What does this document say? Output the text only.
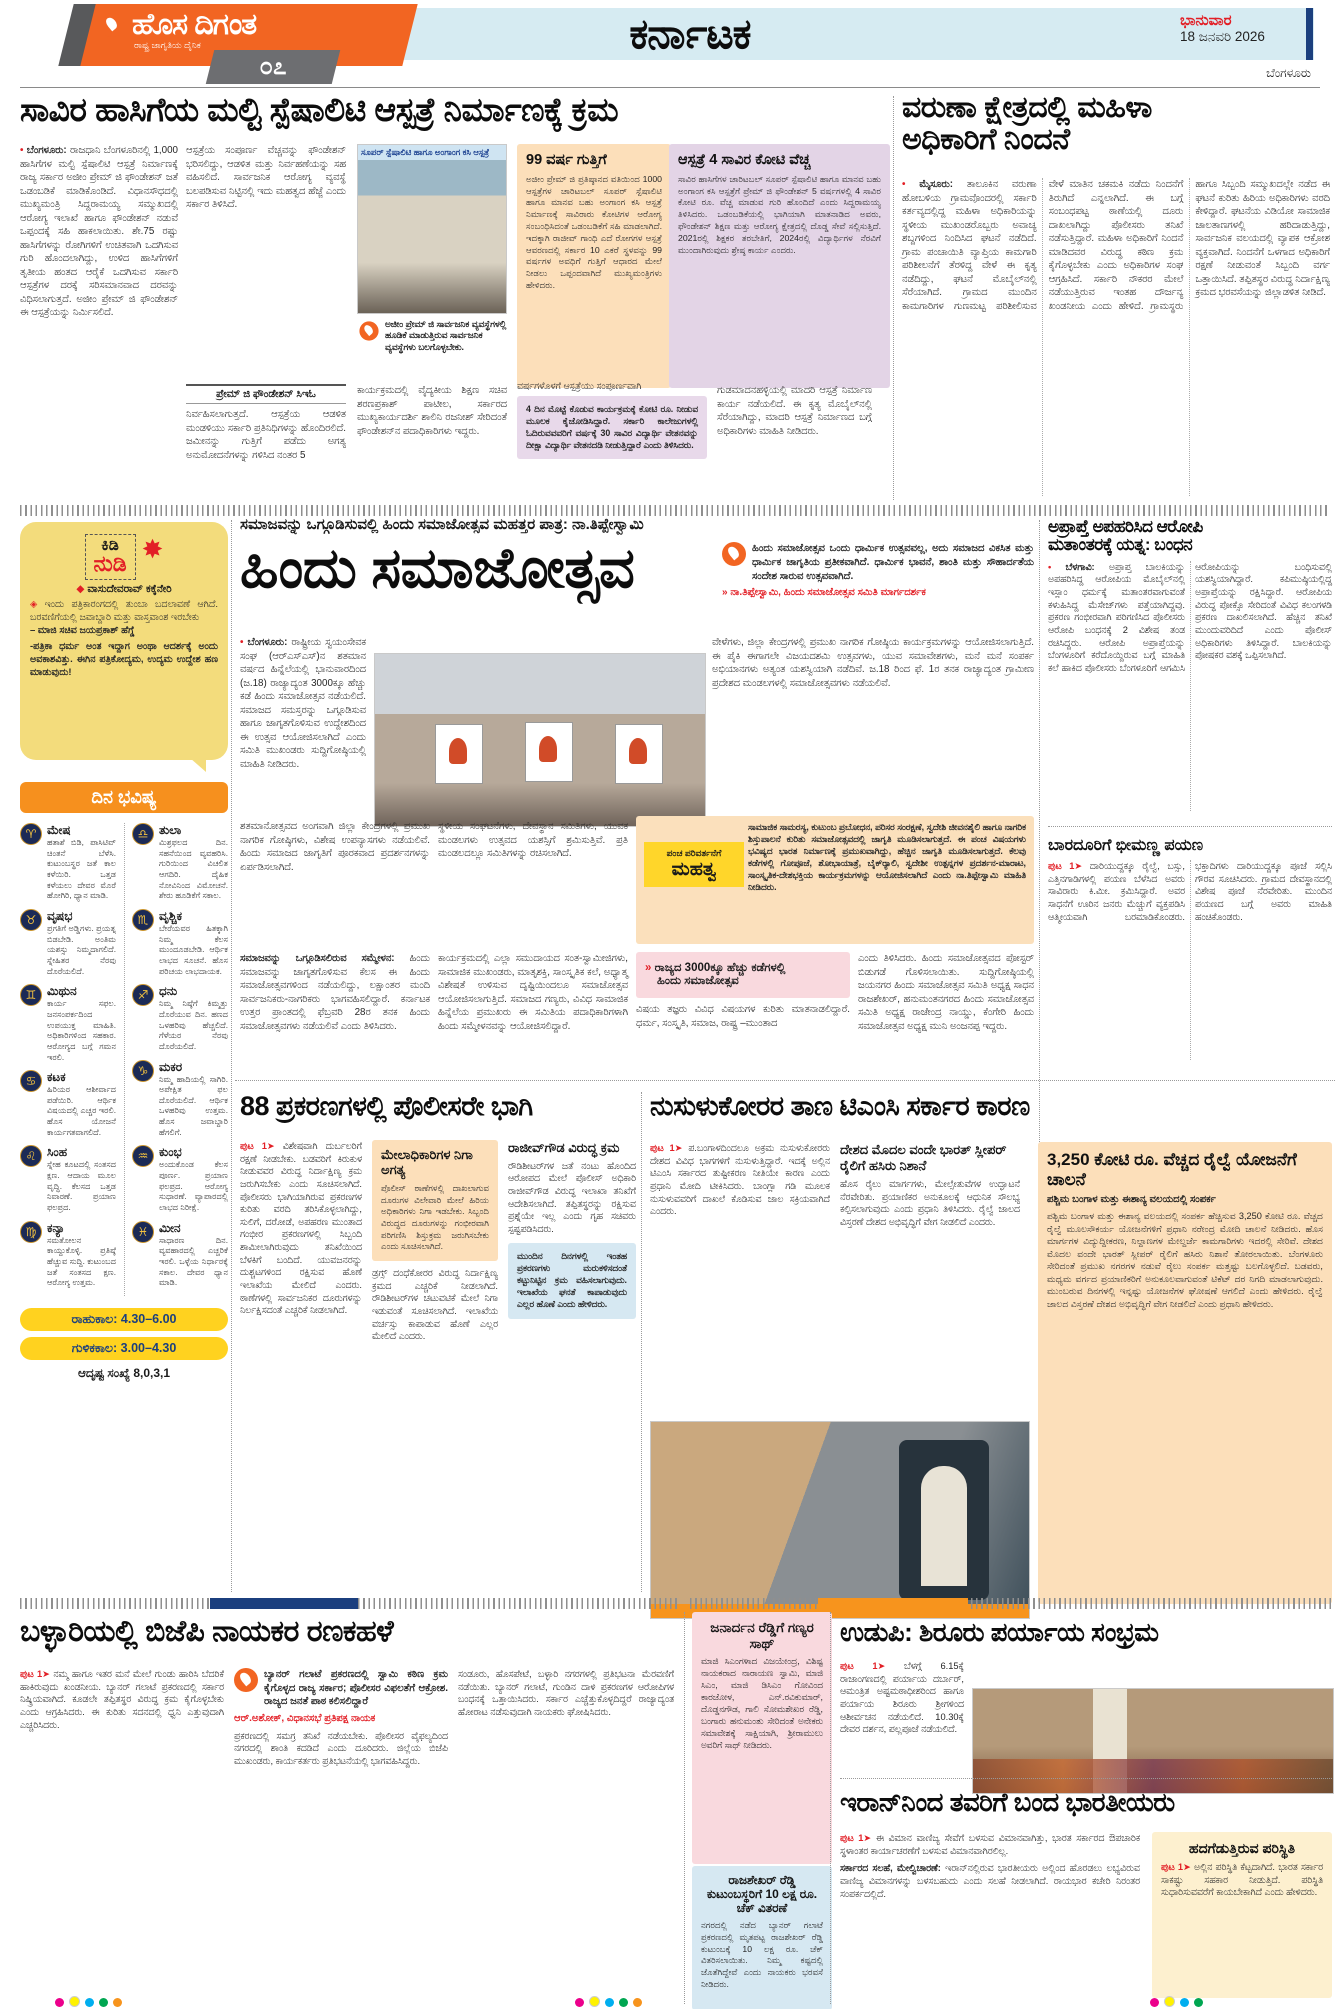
ಹೊಸ ದಿಗಂತ
ರಾಷ್ಟ್ರ ಜಾಗೃತಿಯ ದೈನಿಕ
೦೭
ಕರ್ನಾಟಕ	ಭಾನುವಾರ
18 ಜನವರಿ 2026
ಬೆಂಗಳೂರು
ಸಾವಿರ ಹಾಸಿಗೆಯ ಮಲ್ಟಿ ಸ್ಪೆಷಾಲಿಟಿ ಆಸ್ಪತ್ರೆ ನಿರ್ಮಾಣಕ್ಕೆ ಕ್ರಮ
• ಬೆಂಗಳೂರು: ರಾಜಧಾನಿ ಬೆಂಗಳೂರಿನಲ್ಲಿ 1,000 ಹಾಸಿಗೆಗಳ ಮಲ್ಟಿ ಸ್ಪೆಷಾಲಿಟಿ ಆಸ್ಪತ್ರೆ ನಿರ್ಮಾಣಕ್ಕೆ ರಾಜ್ಯ ಸರ್ಕಾರ ಅಜೀಂ ಪ್ರೇಮ್ ಜಿ ಫೌಂಡೇಶನ್ ಜತೆ ಒಡಂಬಡಿಕೆ ಮಾಡಿಕೊಂಡಿದೆ. ವಿಧಾನಸೌಧದಲ್ಲಿ ಮುಖ್ಯಮಂತ್ರಿ ಸಿದ್ದರಾಮಯ್ಯ ಸಮ್ಮುಖದಲ್ಲಿ ಆರೋಗ್ಯ ಇಲಾಖೆ ಹಾಗೂ ಫೌಂಡೇಶನ್ ನಡುವೆ ಒಪ್ಪಂದಕ್ಕೆ ಸಹಿ ಹಾಕಲಾಯಿತು. ಶೇ.75 ರಷ್ಟು ಹಾಸಿಗೆಗಳನ್ನು ರೋಗಿಗಳಿಗೆ ಉಚಿತವಾಗಿ ಒದಗಿಸುವ ಗುರಿ ಹೊಂದಲಾಗಿದ್ದು, ಉಳಿದ ಹಾಸಿಗೆಗಳಿಗೆ ತೃತೀಯ ಹಂತದ ಆರೈಕೆ ಒದಗಿಸುವ ಸರ್ಕಾರಿ ಆಸ್ಪತ್ರೆಗಳ ದರಕ್ಕೆ ಸರಿಸಮಾನವಾದ ದರವನ್ನು ವಿಧಿಸಲಾಗುತ್ತದೆ. ಅಜೀಂ ಪ್ರೇಮ್ ಜಿ ಫೌಂಡೇಶನ್ ಈ ಆಸ್ಪತ್ರೆಯನ್ನು ನಿರ್ಮಿಸಲಿದೆ.
ಆಸ್ಪತ್ರೆಯ ಸಂಪೂರ್ಣ ವೆಚ್ಚವನ್ನು ಫೌಂಡೇಶನ್ ಭರಿಸಲಿದ್ದು, ಆಡಳಿತ ಮತ್ತು ನಿರ್ವಹಣೆಯನ್ನು ಸಹ ವಹಿಸಲಿದೆ. ಸಾರ್ವಜನಿಕ ಆರೋಗ್ಯ ವ್ಯವಸ್ಥೆ ಬಲಪಡಿಸುವ ನಿಟ್ಟಿನಲ್ಲಿ ಇದು ಮಹತ್ವದ ಹೆಜ್ಜೆ ಎಂದು ಸರ್ಕಾರ ತಿಳಿಸಿದೆ.
ಸೂಪರ್ ಸ್ಪೆಷಾಲಿಟಿ ಹಾಗೂ ಅಂಗಾಂಗ ಕಸಿ ಆಸ್ಪತ್ರೆ
ಅಜೀಂ ಪ್ರೇಮ್ ಜಿ ಸಾರ್ವಜನಿಕ ವ್ಯವಸ್ಥೆಗಳಲ್ಲಿ ಹೂಡಿಕೆ ಮಾಡುತ್ತಿರುವ ಸಾರ್ವಜನಿಕ ವ್ಯವಸ್ಥೆಗಳು ಬಲಗೊಳ್ಳಬೇಕು.
99 ವರ್ಷ ಗುತ್ತಿಗೆ
ಅಜೀಂ ಪ್ರೇಮ್ ಜಿ ಪ್ರತಿಷ್ಠಾನದ ವತಿಯಿಂದ 1000 ಆಸ್ಪತ್ರೆಗಳ ಚಾರಿಟಬಲ್ ಸೂಪರ್ ಸ್ಪೆಷಾಲಿಟಿ ಹಾಗೂ ಮಾನವ ಬಹು ಅಂಗಾಂಗ ಕಸಿ ಆಸ್ಪತ್ರೆ ನಿರ್ಮಾಣಕ್ಕೆ ಸಾವಿರಾರು ಕೋಟಿಗಳ ಆರೋಗ್ಯ ಸಂಬಂಧಿಸಿದಂತೆ ಒಡಂಬಡಿಕೆಗೆ ಸಹಿ ಮಾಡಲಾಗಿದೆ. ಇದಕ್ಕಾಗಿ ರಾಜೀವ್ ಗಾಂಧಿ ಎದೆ ರೋಗಗಳ ಆಸ್ಪತ್ರೆ ಆವರಣದಲ್ಲಿ ಸರ್ಕಾರ 10 ಎಕರೆ ಸ್ಥಳವನ್ನು 99 ವರ್ಷಗಳ ಅವಧಿಗೆ ಗುತ್ತಿಗೆ ಆಧಾರದ ಮೇಲೆ ನೀಡಲು ಒಪ್ಪಂದವಾಗಿದೆ ಮುಖ್ಯಮಂತ್ರಿಗಳು ಹೇಳಿದರು.
ಆಸ್ಪತ್ರೆ 4 ಸಾವಿರ ಕೋಟಿ ವೆಚ್ಚ
ಸಾವಿರ ಹಾಸಿಗೆಗಳ ಚಾರಿಟಬಲ್ ಸೂಪರ್ ಸ್ಪೆಷಾಲಿಟಿ ಹಾಗೂ ಮಾನವ ಬಹು ಅಂಗಾಂಗ ಕಸಿ ಆಸ್ಪತ್ರೆಗೆ ಪ್ರೇಮ್ ಜಿ ಫೌಂಡೇಶನ್ 5 ವರ್ಷಗಳಲ್ಲಿ 4 ಸಾವಿರ ಕೋಟಿ ರೂ. ವೆಚ್ಚ ಮಾಡುವ ಗುರಿ ಹೊಂದಿದೆ ಎಂದು ಸಿದ್ದರಾಮಯ್ಯ ತಿಳಿಸಿದರು. ಒಡಂಬಡಿಕೆಯಲ್ಲಿ ಭಾಗಿಯಾಗಿ ಮಾತನಾಡಿದ ಅವರು, ಫೌಂಡೇಶನ್ ಶಿಕ್ಷಣ ಮತ್ತು ಆರೋಗ್ಯ ಕ್ಷೇತ್ರದಲ್ಲಿ ದೊಡ್ಡ ಸೇವೆ ಸಲ್ಲಿಸುತ್ತಿದೆ. 2021ರಲ್ಲಿ ಶಿಕ್ಷಕರ ತರಬೇತಿಗೆ, 2024ರಲ್ಲಿ ವಿದ್ಯಾರ್ಥಿಗಳ ನೆರವಿಗೆ ಮುಂದಾಗಿರುವುದು ಶ್ರೇಷ್ಠ ಕಾರ್ಯ ಎಂದರು.
ಪ್ರೇಮ್ ಜಿ ಫೌಂಡೇಶನ್ ಸಿಇಓ
ನಿರ್ವಹಿಸಲಾಗುತ್ತದೆ. ಆಸ್ಪತ್ರೆಯ ಆಡಳಿತ ಮಂಡಳಿಯು ಸರ್ಕಾರಿ ಪ್ರತಿನಿಧಿಗಳನ್ನು ಹೊಂದಿರಲಿದೆ. ಜಮೀನನ್ನು ಗುತ್ತಿಗೆ ಪಡೆದು ಅಗತ್ಯ ಅನುಮೋದನೆಗಳನ್ನು ಗಳಿಸಿದ ನಂತರ 5
ಕಾರ್ಯಕ್ರಮದಲ್ಲಿ ವೈದ್ಯಕೀಯ ಶಿಕ್ಷಣ ಸಚಿವ ಶರಣಪ್ರಕಾಶ್ ಪಾಟೀಲ, ಸರ್ಕಾರದ ಮುಖ್ಯಕಾರ್ಯದರ್ಶಿ ಶಾಲಿನಿ ರಜನೀಶ್ ಸೇರಿದಂತೆ ಫೌಂಡೇಶನ್‌ನ ಪದಾಧಿಕಾರಿಗಳು ಇದ್ದರು.
ವರ್ಷಗಳೊಳಗೆ ಆಸ್ಪತ್ರೆಯು ಸಂಪೂರ್ಣವಾಗಿ
4 ದಿನ ಮೊಟ್ಟೆ ಕೊಡುವ ಕಾರ್ಯಕ್ರಮಕ್ಕೆ ಕೋಟಿ ರೂ. ನೀಡುವ ಮೂಲಕ ಕೈಜೋಡಿಸಿದ್ದಾರೆ. ಸರ್ಕಾರಿ ಕಾಲೇಜುಗಳಲ್ಲಿ ಓದಿರುವವವರಿಗೆ ವರ್ಷಕ್ಕೆ 30 ಸಾವಿರ ವಿದ್ಯಾರ್ಥಿ ವೇತನವನ್ನು ದೀಕ್ಷಾ ವಿದ್ಯಾರ್ಥಿ ವೇತನದಡಿ ನೀಡುತ್ತಿದ್ದಾರೆ ಎಂದು ತಿಳಿಸಿದರು.
ಗುಡಮಾದನಹಳ್ಳಿಯಲ್ಲಿ ಮಾದರಿ ಆಸ್ಪತ್ರೆ ನಿರ್ಮಾಣ ಕಾರ್ಯ ನಡೆಯಲಿದೆ. ಈ ಕೃತ್ಯ ಮೊಬೈಲ್‌ನಲ್ಲಿ ಸೆರೆಯಾಗಿದ್ದು, ಮಾದರಿ ಆಸ್ಪತ್ರೆ ನಿರ್ಮಾಣದ ಬಗ್ಗೆ ಅಧಿಕಾರಿಗಳು ಮಾಹಿತಿ ನೀಡಿದರು.
ವರುಣಾ ಕ್ಷೇತ್ರದಲ್ಲಿ ಮಹಿಳಾ
ಅಧಿಕಾರಿಗೆ ನಿಂದನೆ
• ಮೈಸೂರು: ತಾಲೂಕಿನ ವರುಣಾ ಹೋಬಳಿಯ ಗ್ರಾಮವೊಂದರಲ್ಲಿ ಸರ್ಕಾರಿ ಕರ್ತವ್ಯದಲ್ಲಿದ್ದ ಮಹಿಳಾ ಅಧಿಕಾರಿಯನ್ನು ಸ್ಥಳೀಯ ಮುಖಂಡರೊಬ್ಬರು ಅವಾಚ್ಯ ಶಬ್ದಗಳಿಂದ ನಿಂದಿಸಿದ ಘಟನೆ ನಡೆದಿದೆ. ಗ್ರಾಮ ಪಂಚಾಯಿತಿ ವ್ಯಾಪ್ತಿಯ ಕಾಮಗಾರಿ ಪರಿಶೀಲನೆಗೆ ತೆರಳಿದ್ದ ವೇಳೆ ಈ ಕೃತ್ಯ ನಡೆದಿದ್ದು, ಘಟನೆ ಮೊಬೈಲ್‌ನಲ್ಲಿ ಸೆರೆಯಾಗಿದೆ. ಗ್ರಾಮದ ಮುಂದಿನ ಕಾಮಗಾರಿಗಳ ಗುಣಮಟ್ಟ ಪರಿಶೀಲಿಸುವ ವೇಳೆ ಮಾತಿನ ಚಕಮಕಿ ನಡೆದು ನಿಂದನೆಗೆ ತಿರುಗಿದೆ ಎನ್ನಲಾಗಿದೆ. ಈ ಬಗ್ಗೆ ಸಂಬಂಧಪಟ್ಟ ಠಾಣೆಯಲ್ಲಿ ದೂರು ದಾಖಲಾಗಿದ್ದು ಪೊಲೀಸರು ತನಿಖೆ ನಡೆಸುತ್ತಿದ್ದಾರೆ. ಮಹಿಳಾ ಅಧಿಕಾರಿಗೆ ನಿಂದನೆ ಮಾಡಿದವರ ವಿರುದ್ಧ ಕಠಿಣ ಕ್ರಮ ಕೈಗೊಳ್ಳಬೇಕು ಎಂದು ಅಧಿಕಾರಿಗಳ ಸಂಘ ಆಗ್ರಹಿಸಿದೆ. ಸರ್ಕಾರಿ ನೌಕರರ ಮೇಲೆ ನಡೆಯುತ್ತಿರುವ ಇಂತಹ ದೌರ್ಜನ್ಯ ಖಂಡನೀಯ ಎಂದು ಹೇಳಿದೆ. ಗ್ರಾಮಸ್ಥರು ಹಾಗೂ ಸಿಬ್ಬಂದಿ ಸಮ್ಮುಖದಲ್ಲೇ ನಡೆದ ಈ ಘಟನೆ ಕುರಿತು ಹಿರಿಯ ಅಧಿಕಾರಿಗಳು ವರದಿ ಕೇಳಿದ್ದಾರೆ. ಘಟನೆಯ ವಿಡಿಯೋ ಸಾಮಾಜಿಕ ಜಾಲತಾಣಗಳಲ್ಲಿ ಹರಿದಾಡುತ್ತಿದ್ದು, ಸಾರ್ವಜನಿಕ ವಲಯದಲ್ಲಿ ವ್ಯಾಪಕ ಆಕ್ರೋಶ ವ್ಯಕ್ತವಾಗಿದೆ. ನಿಂದನೆಗೆ ಒಳಗಾದ ಅಧಿಕಾರಿಗೆ ರಕ್ಷಣೆ ನೀಡುವಂತೆ ಸಿಬ್ಬಂದಿ ವರ್ಗ ಒತ್ತಾಯಿಸಿದೆ. ತಪ್ಪಿತಸ್ಥರ ವಿರುದ್ಧ ನಿರ್ದಾಕ್ಷಿಣ್ಯ ಕ್ರಮದ ಭರವಸೆಯನ್ನು ಜಿಲ್ಲಾಡಳಿತ ನೀಡಿದೆ.
ಕಿಡಿ
ನುಡಿ ✸
◆ ವಾಸುದೇವರಾವ್ ಕಕ್ಕೆನೇರಿ
◈ ಇಂದು ಪತ್ರಿಕಾರಂಗದಲ್ಲಿ ತುಂಬಾ ಬದಲಾವಣೆ ಆಗಿದೆ. ಬರವಣಿಗೆಯಲ್ಲಿ ಜವಾಬ್ದಾರಿ ಮತ್ತು ವಾಸ್ತವಾಂಶ ಇರಬೇಕು
– ಮಾಜಿ ಸಚಿವ ಜಯಪ್ರಕಾಶ್ ಹೆಗ್ಡೆ
-ಪತ್ರಿಕಾ ಧರ್ಮ ಅಂತ ಇದ್ದಾಗ ಅಂಥಾ ಆದರ್ಶಕ್ಕೆ ಅಂದು ಅವಕಾಶವಿತ್ತು. ಈಗಿನ ಪತ್ರಿಕೋದ್ಯಮ, ಉದ್ಯಮ ಉದ್ದೇಶ ಹಣ ಮಾಡುವುದು!
ದಿನ ಭವಿಷ್ಯ
♈ ಮೇಷ
ಹತಾಶೆ ಬಿಡಿ, ಪಾಸಿಟಿವ್ ಚಿಂತನೆ ಬೆಳೆಸಿ. ಕುಟುಂಬಸ್ಥರ ಜತೆ ಕಾಲ ಕಳೆಯಿರಿ. ಒತ್ತಡ ಕಳೆಯಲು ದೇವರ ಮೊರೆ ಹೋಗಿರಿ, ಧ್ಯಾನ ಮಾಡಿ.
♉ ವೃಷಭ
ಪ್ರಗತಿಗೆ ಅಡ್ಡಿಗಳು. ಪ್ರಯತ್ನ ಬಿಡಬೇಡಿ. ಅಂತಿಮ ಯಶಸ್ಸು ನಿಮ್ಮದಾಗಲಿದೆ. ಸ್ನೇಹಿತರ ನೆರವು ದೊರೆಯಲಿದೆ.
♊ ಮಿಥುನ
ಕಾರ್ಯ ಸಫಲ. ಜನಸಂಪರ್ಕದಿಂದ ಉಪಯುಕ್ತ ಮಾಹಿತಿ. ಅಧಿಕಾರಿಗಳಿಂದ ಸಹಕಾರ. ಆರೋಗ್ಯದ ಬಗ್ಗೆ ಗಮನ ಇರಲಿ.
♋ ಕಟಕ
ಹಿರಿಯರ ಆಶೀರ್ವಾದ ಪಡೆಯಿರಿ. ಆರ್ಥಿಕ ವಿಷಯದಲ್ಲಿ ಎಚ್ಚರ ಇರಲಿ. ಹೊಸ ಯೋಜನೆ ಕಾರ್ಯಗತವಾಗಲಿದೆ.
♌ ಸಿಂಹ
ಸ್ನೇಹ ಕೂಟದಲ್ಲಿ ಸಂತಸದ ಕ್ಷಣ. ಆದಾಯ ಮೂಲ ವೃದ್ಧಿ. ಕೆಲಸದ ಒತ್ತಡ ನಿವಾರಣೆ. ಪ್ರಯಾಣ ಫಲಪ್ರದ.
♍ ಕನ್ಯಾ
ಸಮತೋಲನ ಕಾಯ್ದುಕೊಳ್ಳಿ. ಪ್ರತಿಷ್ಠೆ ಹೆಚ್ಚುವ ಸುದ್ದಿ. ಕುಟುಂಬದ ಜತೆ ಸಂತಸದ ಕ್ಷಣ. ಆರೋಗ್ಯ ಉತ್ತಮ.
♎ ತುಲಾ
ಮಿಶ್ರಫಲದ ದಿನ. ಸಹನೆಯಿಂದ ವ್ಯವಹರಿಸಿ. ಗುರಿಯಿಂದ ವಿಚಲಿತ ಆಗದಿರಿ. ದೈಹಿಕ ನೋವಿನಿಂದ ವಿಮೋಚನೆ. ಶೇರು ಹೂಡಿಕೆಗೆ ಸಕಾಲ.
♏ ವೃಶ್ಚಿಕ
ಬೇರೆಯವರ ಹಿತಕ್ಕಾಗಿ ನಿಮ್ಮ ಕೆಲಸ ಮುಂದೂಡಬೇಡಿ. ಆರ್ಥಿಕ ಲಾಭದ ಸೂಚನೆ. ಹೊಸ ಪರಿಚಯ ಲಾಭದಾಯಕ.
♐ ಧನು
ನಿಮ್ಮ ನಿಷ್ಠೆಗೆ ಕಿಮ್ಮತ್ತು ದೊರೆಯುವ ದಿನ. ಹಣದ ಒಳಹರಿವು ಹೆಚ್ಚಲಿದೆ. ಗೆಳೆಯರ ನೆರವು ದೊರೆಯಲಿದೆ.
♑ ಮಕರ
ನಿಮ್ಮ ಹಾದಿಯಲ್ಲಿ ಸಾಗಿರಿ. ಅಪೇಕ್ಷಿತ ಫಲ ದೊರೆಯಲಿದೆ. ಆರ್ಥಿಕ ಒಳಹರಿವು ಉತ್ತಮ. ಹೊಸ ಜವಾಬ್ದಾರಿ ಹೆಗಲಿಗೆ.
♒ ಕುಂಭ
ಅಂದುಕೊಂಡ ಕೆಲಸ ಪೂರ್ಣ. ಪ್ರಯಾಣ ಫಲಪ್ರದ. ಆರೋಗ್ಯ ಸುಧಾರಣೆ. ವ್ಯಾಪಾರದಲ್ಲಿ ಲಾಭದ ನಿರೀಕ್ಷೆ.
♓ ಮೀನ
ಸಾಧಾರಣ ದಿನ. ವ್ಯವಹಾರದಲ್ಲಿ ಎಚ್ಚರಿಕೆ ಇರಲಿ. ಒಳ್ಳೆಯ ನಿರ್ಧಾರಕ್ಕೆ ಸಕಾಲ. ದೇವರ ಧ್ಯಾನ ಮಾಡಿ.
ರಾಹುಕಾಲ: 4.30–6.00
ಗುಳಿಕಕಾಲ: 3.00–4.30
ಆದೃಷ್ಟ ಸಂಖ್ಯೆ 8,0,3,1
ಸಮಾಜವನ್ನು ಒಗ್ಗೂಡಿಸುವಲ್ಲಿ ಹಿಂದು ಸಮಾಜೋತ್ಸವ ಮಹತ್ತರ ಪಾತ್ರ: ನಾ.ತಿಪ್ಪೇಸ್ವಾಮಿ
ಹಿಂದು ಸಮಾಜೋತ್ಸವ	ಹಿಂದು ಸಮಾಜೋತ್ಸವ ಒಂದು ಧಾರ್ಮಿಕ ಉತ್ಸವವಲ್ಲ, ಅದು ಸಮಾಜದ ವಿಕಸಿತ ಮತ್ತು ಧಾರ್ಮಿಕ ಜಾಗೃತಿಯ ಪ್ರತೀಕವಾಗಿದೆ. ಧಾರ್ಮಿಕ ಭಾವನೆ, ಶಾಂತಿ ಮತ್ತು ಸೌಹಾರ್ದತೆಯ ಸಂದೇಶ ಸಾರುವ ಉತ್ಸವವಾಗಿದೆ.
» ನಾ.ತಿಪ್ಪೇಸ್ವಾಮಿ, ಹಿಂದು ಸಮಾಜೋತ್ಸವ ಸಮಿತಿ ಮಾರ್ಗದರ್ಶಕ
• ಬೆಂಗಳೂರು: ರಾಷ್ಟ್ರೀಯ ಸ್ವಯಂಸೇವಕ ಸಂಘ (ಆರ್‌ಎಸ್‌ಎಸ್)ನ ಶತಮಾನ ವರ್ಷದ ಹಿನ್ನೆಲೆಯಲ್ಲಿ ಭಾನುವಾರದಿಂದ (ಜ.18) ರಾಜ್ಯಾದ್ಯಂತ 3000ಕ್ಕೂ ಹೆಚ್ಚು ಕಡೆ ಹಿಂದು ಸಮಾಜೋತ್ಸವ ನಡೆಯಲಿದೆ. ಸಮಾಜದ ಸಮಸ್ತರನ್ನು ಒಗ್ಗೂಡಿಸುವ ಹಾಗೂ ಜಾಗೃತಗೊಳಿಸುವ ಉದ್ದೇಶದಿಂದ ಈ ಉತ್ಸವ ಆಯೋಜಿಸಲಾಗಿದೆ ಎಂದು ಸಮಿತಿ ಮುಖಂಡರು ಸುದ್ದಿಗೋಷ್ಠಿಯಲ್ಲಿ ಮಾಹಿತಿ ನೀಡಿದರು.
ವೇಳೆಗಳು, ಜಿಲ್ಲಾ ಕೇಂದ್ರಗಳಲ್ಲಿ ಪ್ರಮುಖ ನಾಗರಿಕ ಗೋಷ್ಠಿಯ ಕಾರ್ಯಕ್ರಮಗಳನ್ನು ಆಯೋಜಿಸಲಾಗುತ್ತಿದೆ. ಈ ಪೈಕಿ ಈಗಾಗಲೇ ವಿಜಯದಶಮಿ ಉತ್ಸವಗಳು, ಯುವ ಸಮಾವೇಶಗಳು, ಮನೆ ಮನೆ ಸಂಪರ್ಕ ಅಭಿಯಾನಗಳು ಅತ್ಯಂತ ಯಶಸ್ವಿಯಾಗಿ ನಡೆದಿವೆ. ಜ.18 ರಿಂದ ಫೆ. 1ರ ತನಕ ರಾಜ್ಯಾದ್ಯಂತ ಗ್ರಾಮೀಣ ಪ್ರದೇಶದ ಮಂಡಲಗಳಲ್ಲಿ ಸಮಾಜೋತ್ಸವಗಳು ನಡೆಯಲಿವೆ.
ಶತಮಾನೋತ್ಸವದ ಅಂಗವಾಗಿ ಜಿಲ್ಲಾ ಕೇಂದ್ರಗಳಲ್ಲಿ ಪ್ರಮುಖ ನಾಗರಿಕ ಗೋಷ್ಠಿಗಳು, ವಿಶೇಷ ಉಪನ್ಯಾಸಗಳು ನಡೆಯಲಿವೆ. ಹಿಂದು ಸಮಾಜದ ಜಾಗೃತಿಗೆ ಪೂರಕವಾದ ಪ್ರದರ್ಶನಗಳನ್ನು ಏರ್ಪಡಿಸಲಾಗಿದೆ.
ಸ್ಥಳೀಯ ಸಂಘಟನೆಗಳು, ದೇವಸ್ಥಾನ ಸಮಿತಿಗಳು, ಯುವಕ ಮಂಡಲಗಳು ಉತ್ಸವದ ಯಶಸ್ಸಿಗೆ ಶ್ರಮಿಸುತ್ತಿವೆ. ಪ್ರತಿ ಮಂಡಲದಲ್ಲೂ ಸಮಿತಿಗಳನ್ನು ರಚಿಸಲಾಗಿದೆ.	ಪಂಚ ಪರಿವರ್ತನೆಗೆ
ಮಹತ್ವ
ಸಾಮಾಜಿಕ ಸಾಮರಸ್ಯ, ಕುಟುಂಬ ಪ್ರಬೋಧನ, ಪರಿಸರ ಸಂರಕ್ಷಣೆ, ಸ್ವದೇಶಿ ಜೀವನಶೈಲಿ ಹಾಗೂ ನಾಗರಿಕ ಶಿಸ್ತುಪಾಲನೆ ಕುರಿತು ಸಮಾಜೋತ್ಸವದಲ್ಲಿ ಜಾಗೃತಿ ಮೂಡಿಸಲಾಗುತ್ತದೆ. ಈ ಪಂಚ ವಿಷಯಗಳು ಭವಿಷ್ಯದ ಭಾರತ ನಿರ್ಮಾಣಕ್ಕೆ ಪ್ರಮುಖವಾಗಿದ್ದು, ಹೆಚ್ಚಿನ ಜಾಗೃತಿ ಮೂಡಿಸಲಾಗುತ್ತದೆ. ಕೆಲವು ಕಡೆಗಳಲ್ಲಿ ಗೋಪೂಜೆ, ಶೋಭಾಯಾತ್ರೆ, ಬೈಕ್‌ರ‍್ಯಾಲಿ, ಸ್ವದೇಶೀ ಉತ್ಪನ್ನಗಳ ಪ್ರದರ್ಶನ-ಮಾರಾಟ, ಸಾಂಸ್ಕೃತಿಕ-ದೇಶಭಕ್ತಿಯ ಕಾರ್ಯಕ್ರಮಗಳನ್ನು ಆಯೋಜಿಸಲಾಗಿದೆ ಎಂದು ನಾ.ತಿಪ್ಪೇಸ್ವಾಮಿ ಮಾಹಿತಿ ನೀಡಿದರು.
ಸಮಾಜವನ್ನು ಒಗ್ಗೂಡಿಸಲಿರುವ ಸಮ್ಮೇಳನ: ಹಿಂದು ಸಮಾಜವನ್ನು ಜಾಗೃತಗೊಳಿಸುವ ಕೆಲಸ ಈ ಹಿಂದು ಸಮಾಜೋತ್ಸವಗಳಿಂದ ನಡೆಯಲಿದ್ದು, ಲಕ್ಷಾಂತರ ಮಂದಿ ಸಾರ್ವಜನಿಕರು-ನಾಗರಿಕರು ಭಾಗವಹಿಸಲಿದ್ದಾರೆ. ಕರ್ನಾಟಕ ಉತ್ತರ ಪ್ರಾಂತದಲ್ಲಿ ಫೆಬ್ರವರಿ 28ರ ತನಕ ಹಿಂದು ಸಮಾಜೋತ್ಸವಗಳು ನಡೆಯಲಿವೆ ಎಂದು ತಿಳಿಸಿದರು.
ಕಾರ್ಯಕ್ರಮದಲ್ಲಿ ಎಲ್ಲಾ ಸಮುದಾಯದ ಸಂತ-ಸ್ವಾಮೀಜಿಗಳು, ಸಾಮಾಜಿಕ ಮುಖಂಡರು, ಮಾತೃಶಕ್ತಿ, ಸಾಂಸ್ಕೃತಿಕ ಕಲೆ, ಅಧ್ಯಾತ್ಮ ವಿಶೇಷತೆ ಉಳಿಸುವ ದೃಷ್ಟಿಯಿಂದಲೂ ಸಮಾಜೋತ್ಸವ ಆಯೋಜಿಸಲಾಗುತ್ತಿದೆ. ಸಮಾಜದ ಗಣ್ಯರು, ವಿವಿಧ ಸಾಮಾಜಿಕ ಹಿನ್ನೆಲೆಯ ಪ್ರಮುಖರು ಈ ಸಮಿತಿಯ ಪದಾಧಿಕಾರಿಗಳಾಗಿ ಹಿಂದು ಸಮ್ಮೇಳನವನ್ನು ಆಯೋಜಿಸಲಿದ್ದಾರೆ.
» ರಾಜ್ಯದ 3000ಕ್ಕೂ ಹೆಚ್ಚು ಕಡೆಗಳಲ್ಲಿ
ಹಿಂದು ಸಮಾಜೋತ್ಸವ
ವಿಷಯ ತಜ್ಞರು ವಿವಿಧ ವಿಷಯಗಳ ಕುರಿತು ಮಾತನಾಡಲಿದ್ದಾರೆ. ಧರ್ಮ, ಸಂಸ್ಕೃತಿ, ಸಮಾಜ, ರಾಷ್ಟ್ರ –ಮುಂತಾದ
ಎಂದು ತಿಳಿಸಿದರು. ಹಿಂದು ಸಮಾಜೋತ್ಸವದ ಪೋಸ್ಟರ್ ಬಿಡುಗಡೆ ಗೊಳಿಸಲಾಯಿತು. ಸುದ್ದಿಗೋಷ್ಠಿಯಲ್ಲಿ ಜಯನಗರ ಹಿಂದು ಸಮಾಜೋತ್ಸವ ಸಮಿತಿ ಅಧ್ಯಕ್ಷ ಸಾಧನ ರಾಜಶೇಖರ್, ಹನುಮಂತನಗರದ ಹಿಂದು ಸಮಾಜೋತ್ಸವ ಸಮಿತಿ ಅಧ್ಯಕ್ಷ ರಾಜೇಂದ್ರ ನಾಯ್ಡು, ಕೆಂಗೇರಿ ಹಿಂದು ಸಮಾಜೋತ್ಸವ ಅಧ್ಯಕ್ಷ ಮುನಿ ಅಂಜನಪ್ಪ ಇದ್ದರು.
ಅಪ್ರಾಪ್ತೆ ಅಪಹರಿಸಿದ ಆರೋಪಿ
ಮತಾಂತರಕ್ಕೆ ಯತ್ನ: ಬಂಧನ
• ಬೆಳಗಾವಿ: ಅಪ್ರಾಪ್ತ ಬಾಲಕಿಯನ್ನು ಅಪಹರಿಸಿದ್ದ ಆರೋಪಿಯ ಮೊಬೈಲ್‌ನಲ್ಲಿ ಇಸ್ಲಾಂ ಧರ್ಮಕ್ಕೆ ಮತಾಂತರವಾಗುವಂತೆ ಕಳುಹಿಸಿದ್ದ ಮೆಸೇಜ್‌ಗಳು ಪತ್ತೆಯಾಗಿದ್ದವು. ಪ್ರಕರಣ ಗಂಭೀರವಾಗಿ ಪರಿಗಣಿಸಿದ ಪೊಲೀಸರು ಆರೋಪಿ ಬಂಧನಕ್ಕೆ 2 ವಿಶೇಷ ತಂಡ ರಚಿಸಿದ್ದರು. ಆರೋಪಿ ಅಪ್ರಾಪ್ತೆಯನ್ನು ಬೆಂಗಳೂರಿಗೆ ಕರೆದೊಯ್ದಿರುವ ಬಗ್ಗೆ ಮಾಹಿತಿ ಕಲೆ ಹಾಕಿದ ಪೊಲೀಸರು ಬೆಂಗಳೂರಿಗೆ ಆಗಮಿಸಿ ಆರೋಪಿಯನ್ನು ಬಂಧಿಸುವಲ್ಲಿ ಯಶಸ್ವಿಯಾಗಿದ್ದಾರೆ. ಕಪಿಮುಷ್ಠಿಯಲ್ಲಿದ್ದ ಅಪ್ರಾಪ್ತೆಯನ್ನು ರಕ್ಷಿಸಿದ್ದಾರೆ. ಆರೋಪಿಯ ವಿರುದ್ಧ ಪೋಕ್ಸೊ ಸೇರಿದಂತೆ ವಿವಿಧ ಕಲಂಗಳಡಿ ಪ್ರಕರಣ ದಾಖಲಿಸಲಾಗಿದೆ. ಹೆಚ್ಚಿನ ತನಿಖೆ ಮುಂದುವರಿದಿದೆ ಎಂದು ಪೊಲೀಸ್ ಅಧಿಕಾರಿಗಳು ತಿಳಿಸಿದ್ದಾರೆ. ಬಾಲಕಿಯನ್ನು ಪೋಷಕರ ವಶಕ್ಕೆ ಒಪ್ಪಿಸಲಾಗಿದೆ.
ಬಾರದೂರಿಗೆ ಭೀಮಣ್ಣ ಪಯಣ
ಪುಟ 1➤ ದಾರಿಯುದ್ದಕ್ಕೂ ರೈಲ್ವೆ, ಬಸ್ಸು, ಎತ್ತಿನಗಾಡಿಗಳಲ್ಲಿ ಪಯಣ ಬೆಳೆಸಿದ ಅವರು ಸಾವಿರಾರು ಕಿ.ಮೀ. ಕ್ರಮಿಸಿದ್ದಾರೆ. ಅವರ ಸಾಧನೆಗೆ ಊರಿನ ಜನರು ಮೆಚ್ಚುಗೆ ವ್ಯಕ್ತಪಡಿಸಿ ಆತ್ಮೀಯವಾಗಿ ಬರಮಾಡಿಕೊಂಡರು. ಭಕ್ತಾದಿಗಳು ದಾರಿಯುದ್ದಕ್ಕೂ ಪೂಜೆ ಸಲ್ಲಿಸಿ ಗೌರವ ಸೂಚಿಸಿದರು. ಗ್ರಾಮದ ದೇವಸ್ಥಾನದಲ್ಲಿ ವಿಶೇಷ ಪೂಜೆ ನೆರವೇರಿತು. ಮುಂದಿನ ಪಯಣದ ಬಗ್ಗೆ ಅವರು ಮಾಹಿತಿ ಹಂಚಿಕೊಂಡರು.
88 ಪ್ರಕರಣಗಳಲ್ಲಿ ಪೊಲೀಸರೇ ಭಾಗಿ
ಪುಟ 1➤ ವಿಶೇಷವಾಗಿ ದುರ್ಬಲರಿಗೆ ರಕ್ಷಣೆ ನೀಡಬೇಕು. ಬಡವರಿಗೆ ಕಿರುಕುಳ ನೀಡುವವರ ವಿರುದ್ಧ ನಿರ್ದಾಕ್ಷಿಣ್ಯ ಕ್ರಮ ಜರುಗಿಸಬೇಕು ಎಂದು ಸೂಚಿಸಲಾಗಿದೆ. ಪೊಲೀಸರು ಭಾಗಿಯಾಗಿರುವ ಪ್ರಕರಣಗಳ ಕುರಿತು ವರದಿ ತರಿಸಿಕೊಳ್ಳಲಾಗಿದ್ದು, ಸುಲಿಗೆ, ದರೋಡೆ, ಅಪಹರಣ ಮುಂತಾದ ಗಂಭೀರ ಪ್ರಕರಣಗಳಲ್ಲಿ ಸಿಬ್ಬಂದಿ ಶಾಮೀಲಾಗಿರುವುದು ತನಿಖೆಯಿಂದ ಬೆಳಕಿಗೆ ಬಂದಿದೆ. ಯುವಜನರನ್ನು ದುಶ್ಚಟಗಳಿಂದ ರಕ್ಷಿಸುವ ಹೊಣೆ ಇಲಾಖೆಯ ಮೇಲಿದೆ ಎಂದರು. ಠಾಣೆಗಳಲ್ಲಿ ಸಾರ್ವಜನಿಕರ ದೂರುಗಳನ್ನು ನಿರ್ಲಕ್ಷಿಸದಂತೆ ಎಚ್ಚರಿಕೆ ನೀಡಲಾಗಿದೆ.
ಮೇಲಾಧಿಕಾರಿಗಳ ನಿಗಾ ಅಗತ್ಯ
ಪೊಲೀಸ್ ಠಾಣೆಗಳಲ್ಲಿ ದಾಖಲಾಗುವ ದೂರುಗಳ ವಿಲೇವಾರಿ ಮೇಲೆ ಹಿರಿಯ ಅಧಿಕಾರಿಗಳು ನಿಗಾ ಇಡಬೇಕು. ಸಿಬ್ಬಂದಿ ವಿರುದ್ಧದ ದೂರುಗಳನ್ನು ಗಂಭೀರವಾಗಿ ಪರಿಗಣಿಸಿ ಶಿಸ್ತುಕ್ರಮ ಜರುಗಿಸಬೇಕು ಎಂದು ಸೂಚಿಸಲಾಗಿದೆ.
ಡ್ರಗ್ಸ್ ದಂಧೆಕೋರರ ವಿರುದ್ಧ ನಿರ್ದಾಕ್ಷಿಣ್ಯ ಕ್ರಮದ ಎಚ್ಚರಿಕೆ ನೀಡಲಾಗಿದೆ. ರೌಡಿಶೀಟರ್‌ಗಳ ಚಟುವಟಿಕೆ ಮೇಲೆ ನಿಗಾ ಇಡುವಂತೆ ಸೂಚಿಸಲಾಗಿದೆ. ಇಲಾಖೆಯ ವರ್ಚಸ್ಸು ಕಾಪಾಡುವ ಹೊಣೆ ಎಲ್ಲರ ಮೇಲಿದೆ ಎಂದರು.
ರಾಜೀವ್‌ಗೌಡ ವಿರುದ್ಧ ಕ್ರಮ
ರೌಡಿಶೀಟರ್‌ಗಳ ಜತೆ ನಂಟು ಹೊಂದಿದ ಆರೋಪದ ಮೇಲೆ ಪೊಲೀಸ್ ಅಧಿಕಾರಿ ರಾಜೀವ್‌ಗೌಡ ವಿರುದ್ಧ ಇಲಾಖಾ ತನಿಖೆಗೆ ಆದೇಶಿಸಲಾಗಿದೆ. ತಪ್ಪಿತಸ್ಥರನ್ನು ರಕ್ಷಿಸುವ ಪ್ರಶ್ನೆಯೇ ಇಲ್ಲ ಎಂದು ಗೃಹ ಸಚಿವರು ಸ್ಪಷ್ಟಪಡಿಸಿದರು.
ಮುಂದಿನ ದಿನಗಳಲ್ಲಿ ಇಂತಹ ಪ್ರಕರಣಗಳು ಮರುಕಳಿಸದಂತೆ ಕಟ್ಟುನಿಟ್ಟಿನ ಕ್ರಮ ವಹಿಸಲಾಗುವುದು. ಇಲಾಖೆಯ ಘನತೆ ಕಾಪಾಡುವುದು ಎಲ್ಲರ ಹೊಣೆ ಎಂದು ಹೇಳಿದರು.
ನುಸುಳುಕೋರರ ತಾಣ ಟಿಎಂಸಿ ಸರ್ಕಾರ ಕಾರಣ
ಪುಟ 1➤ ಪ.ಬಂಗಾಳದಿಂದಲೂ ಅಕ್ರಮ ನುಸುಳುಕೋರರು ದೇಶದ ವಿವಿಧ ಭಾಗಗಳಿಗೆ ನುಸುಳುತ್ತಿದ್ದಾರೆ. ಇದಕ್ಕೆ ಅಲ್ಲಿನ ಟಿಎಂಸಿ ಸರ್ಕಾರದ ತುಷ್ಟೀಕರಣ ನೀತಿಯೇ ಕಾರಣ ಎಂದು ಪ್ರಧಾನಿ ಮೋದಿ ಟೀಕಿಸಿದರು. ಬಾಂಗ್ಲಾ ಗಡಿ ಮೂಲಕ ನುಸುಳುವವರಿಗೆ ದಾಖಲೆ ಕೊಡಿಸುವ ಜಾಲ ಸಕ್ರಿಯವಾಗಿದೆ ಎಂದರು.
ದೇಶದ ಮೊದಲ ವಂದೇ ಭಾರತ್ ಸ್ಲೀಪರ್ ರೈಲಿಗೆ ಹಸಿರು ನಿಶಾನೆ
ಹೊಸ ರೈಲು ಮಾರ್ಗಗಳು, ಮೇಲ್ಸೇತುವೆಗಳ ಉದ್ಘಾಟನೆ ನೆರವೇರಿತು. ಪ್ರಯಾಣಿಕರ ಅನುಕೂಲಕ್ಕೆ ಆಧುನಿಕ ಸೌಲಭ್ಯ ಕಲ್ಪಿಸಲಾಗುವುದು ಎಂದು ಪ್ರಧಾನಿ ತಿಳಿಸಿದರು. ರೈಲ್ವೆ ಜಾಲದ ವಿಸ್ತರಣೆ ದೇಶದ ಅಭಿವೃದ್ಧಿಗೆ ವೇಗ ನೀಡಲಿದೆ ಎಂದರು.
3,250 ಕೋಟಿ ರೂ. ವೆಚ್ಚದ ರೈಲ್ವೆ ಯೋಜನೆಗೆ ಚಾಲನೆ
ಪಶ್ಚಿಮ ಬಂಗಾಳ ಮತ್ತು ಈಶಾನ್ಯ ವಲಯದಲ್ಲಿ ಸಂಪರ್ಕ
ಪಶ್ಚಿಮ ಬಂಗಾಳ ಮತ್ತು ಈಶಾನ್ಯ ವಲಯದಲ್ಲಿ ಸಂಪರ್ಕ ಹೆಚ್ಚಿಸುವ 3,250 ಕೋಟಿ ರೂ. ವೆಚ್ಚದ ರೈಲ್ವೆ ಮೂಲಸೌಕರ್ಯ ಯೋಜನೆಗಳಿಗೆ ಪ್ರಧಾನಿ ನರೇಂದ್ರ ಮೋದಿ ಚಾಲನೆ ನೀಡಿದರು. ಹೊಸ ಮಾರ್ಗಗಳ ವಿದ್ಯುದ್ದೀಕರಣ, ನಿಲ್ದಾಣಗಳ ಮೇಲ್ದರ್ಜೆ ಕಾಮಗಾರಿಗಳು ಇದರಲ್ಲಿ ಸೇರಿವೆ. ದೇಶದ ಮೊದಲ ವಂದೇ ಭಾರತ್ ಸ್ಲೀಪರ್ ರೈಲಿಗೆ ಹಸಿರು ನಿಶಾನೆ ತೋರಲಾಯಿತು. ಬೆಂಗಳೂರು ಸೇರಿದಂತೆ ಪ್ರಮುಖ ನಗರಗಳ ನಡುವೆ ರೈಲು ಸಂಪರ್ಕ ಮತ್ತಷ್ಟು ಬಲಗೊಳ್ಳಲಿದೆ. ಬಡವರು, ಮಧ್ಯಮ ವರ್ಗದ ಪ್ರಯಾಣಿಕರಿಗೆ ಅನುಕೂಲವಾಗುವಂತೆ ಟಿಕೆಟ್ ದರ ನಿಗದಿ ಮಾಡಲಾಗುವುದು. ಮುಂಬರುವ ದಿನಗಳಲ್ಲಿ ಇನ್ನಷ್ಟು ಯೋಜನೆಗಳ ಘೋಷಣೆ ಆಗಲಿದೆ ಎಂದು ಹೇಳಿದರು. ರೈಲ್ವೆ ಜಾಲದ ವಿಸ್ತರಣೆ ದೇಶದ ಅಭಿವೃದ್ಧಿಗೆ ವೇಗ ನೀಡಲಿದೆ ಎಂದು ಪ್ರಧಾನಿ ಹೇಳಿದರು.
ಬಳ್ಳಾರಿಯಲ್ಲಿ ಬಿಜೆಪಿ ನಾಯಕರ ರಣಕಹಳೆ
ಪುಟ 1➤ ನಮ್ಮ ಹಾಗೂ ಇತರ ಮನೆ ಮೇಲೆ ಗುಂಡು ಹಾರಿಸಿ ಬೆದರಿಕೆ ಹಾಕಿರುವುದು ಖಂಡನೀಯ. ಬ್ಯಾನರ್ ಗಲಾಟೆ ಪ್ರಕರಣದಲ್ಲಿ ಸರ್ಕಾರ ನಿಷ್ಕ್ರಿಯವಾಗಿದೆ. ಕೂಡಲೇ ತಪ್ಪಿತಸ್ಥರ ವಿರುದ್ಧ ಕ್ರಮ ಕೈಗೊಳ್ಳಬೇಕು ಎಂದು ಆಗ್ರಹಿಸಿದರು. ಈ ಕುರಿತು ಸದನದಲ್ಲಿ ಧ್ವನಿ ಎತ್ತುವುದಾಗಿ ಎಚ್ಚರಿಸಿದರು.
ಬ್ಯಾನರ್ ಗಲಾಟೆ ಪ್ರಕರಣದಲ್ಲಿ ಸ್ವಾಮಿ ಕಠಿಣ ಕ್ರಮ ಕೈಗೊಳ್ಳದ ರಾಜ್ಯ ಸರ್ಕಾರ; ಪೊಲೀಸರ ವಿಫಲತೆಗೆ ಆಕ್ರೋಶ. ರಾಜ್ಯದ ಜನತೆ ಪಾಠ ಕಲಿಸಲಿದ್ದಾರೆ
ಆರ್.ಅಶೋಕ್, ವಿಧಾನಸಭೆ ಪ್ರತಿಪಕ್ಷ ನಾಯಕ
ಪ್ರಕರಣದಲ್ಲಿ ಸಮಗ್ರ ತನಿಖೆ ನಡೆಯಬೇಕು. ಪೊಲೀಸರ ವೈಫಲ್ಯದಿಂದ ನಗರದಲ್ಲಿ ಶಾಂತಿ ಕದಡಿದೆ ಎಂದು ದೂರಿದರು. ಜಿಲ್ಲೆಯ ಬಿಜೆಪಿ ಮುಖಂಡರು, ಕಾರ್ಯಕರ್ತರು ಪ್ರತಿಭಟನೆಯಲ್ಲಿ ಭಾಗವಹಿಸಿದ್ದರು.
ಸಂಡೂರು, ಹೊಸಪೇಟೆ, ಬಳ್ಳಾರಿ ನಗರಗಳಲ್ಲಿ ಪ್ರತಿಭಟನಾ ಮೆರವಣಿಗೆ ನಡೆಯಿತು. ಬ್ಯಾನರ್ ಗಲಾಟೆ, ಗುಂಡಿನ ದಾಳಿ ಪ್ರಕರಣಗಳ ಆರೋಪಿಗಳ ಬಂಧನಕ್ಕೆ ಒತ್ತಾಯಿಸಿದರು. ಸರ್ಕಾರ ಎಚ್ಚೆತ್ತುಕೊಳ್ಳದಿದ್ದರೆ ರಾಜ್ಯಾದ್ಯಂತ ಹೋರಾಟ ನಡೆಸುವುದಾಗಿ ನಾಯಕರು ಘೋಷಿಸಿದರು.
ಜನಾರ್ದನ ರೆಡ್ಡಿಗೆ ಗಣ್ಯರ ಸಾಥ್
ಮಾಜಿ ಸಿಎಂಗಳಾದ ವಿಜಯೇಂದ್ರ, ವಿಶಿಷ್ಟ ನಾಯಕರಾದ ನಾರಾಯಣ ಸ್ವಾಮಿ, ಮಾಜಿ ಸಿಎಂ, ಮಾಜಿ ಡಿಸಿಎಂ ಗೋವಿಂದ ಕಾರಜೋಳ, ಎನ್.ರವಿಕುಮಾರ್, ದೊಡ್ಡನಗೌಡ, ಗಾಲಿ ಸೋಮಶೇಖರ ರೆಡ್ಡಿ, ಬಂಗಾರು ಹನುಮಂತು ಸೇರಿದಂತೆ ಅನೇಕರು ಸಮಾವೇಶಕ್ಕೆ ಸಾಕ್ಷಿಯಾಗಿ, ಶ್ರೀರಾಮುಲು ಅವರಿಗೆ ಸಾಥ್ ನೀಡಿದರು.
ರಾಜಶೇಖರ್ ರೆಡ್ಡಿ ಕುಟುಂಬಸ್ಥರಿಗೆ 10 ಲಕ್ಷ ರೂ. ಚೆಕ್ ವಿತರಣೆ
ನಗರದಲ್ಲಿ ನಡೆದ ಬ್ಯಾನರ್ ಗಲಾಟೆ ಪ್ರಕರಣದಲ್ಲಿ ಮೃತಪಟ್ಟ ರಾಜಶೇಖರ್ ರೆಡ್ಡಿ ಕುಟುಂಬಕ್ಕೆ 10 ಲಕ್ಷ ರೂ. ಚೆಕ್ ವಿತರಿಸಲಾಯಿತು. ನಿಮ್ಮ ಕಷ್ಟದಲ್ಲಿ ಜೊತೆಗಿದ್ದೇವೆ ಎಂದು ನಾಯಕರು ಭರವಸೆ ನೀಡಿದರು.
ಉಡುಪಿ: ಶಿರೂರು ಪರ್ಯಾಯ ಸಂಭ್ರಮ
ಪುಟ 1➤ ಬೆಳಗ್ಗೆ 6.15ಕ್ಕೆ ರಾಜಾಂಗಣದಲ್ಲಿ ಪರ್ಯಾಯ ದರ್ಬಾರ್, ಆಮಂತ್ರಿತ ಅಷ್ಟಮಠಾಧೀಶರಿಂದ ಹಾಗೂ ಪರ್ಯಾಯ ಶಿರೂರು ಶ್ರೀಗಳಿಂದ ಆಶೀರ್ವಚನ ನಡೆಯಲಿದೆ. 10.30ಕ್ಕೆ ದೇವರ ದರ್ಶನ, ಪಲ್ಲಪೂಜೆ ನಡೆಯಲಿದೆ.
ಇರಾನ್‌ನಿಂದ ತವರಿಗೆ ಬಂದ ಭಾರತೀಯರು
ಪುಟ 1➤ ಈ ವಿಮಾನ ವಾಣಿಜ್ಯ ಸೇವೆಗೆ ಬಳಸುವ ವಿಮಾನವಾಗಿತ್ತು, ಭಾರತ ಸರ್ಕಾರದ ಔಪಚಾರಿಕ ಸ್ಥಳಾಂತರ ಕಾರ್ಯಾಚರಣೆಗೆ ಬಳಸುವ ವಿಮಾನವಾಗಿರಲಿಲ್ಲ.
ಸರ್ಕಾರದ ಸಲಹೆ, ಮೇಲ್ವಿಚಾರಣೆ: ಇರಾನ್‌ನಲ್ಲಿರುವ ಭಾರತೀಯರು ಅಲ್ಲಿಂದ ಹೊರಡಲು ಲಭ್ಯವಿರುವ ವಾಣಿಜ್ಯ ವಿಮಾನಗಳನ್ನು ಬಳಸಬಹುದು ಎಂದು ಸಲಹೆ ನೀಡಲಾಗಿದೆ. ರಾಯಭಾರ ಕಚೇರಿ ನಿರಂತರ ಸಂಪರ್ಕದಲ್ಲಿದೆ.
ಹದಗೆಡುತ್ತಿರುವ ಪರಿಸ್ಥಿತಿ
ಪುಟ 1➤ ಅಲ್ಲಿನ ಪರಿಸ್ಥಿತಿ ಕೆಟ್ಟದಾಗಿದೆ. ಭಾರತ ಸರ್ಕಾರ ಸಾಕಷ್ಟು ಸಹಕಾರ ನೀಡುತ್ತಿದೆ. ಪರಿಸ್ಥಿತಿ ಸುಧಾರಿಸುವವರೆಗೆ ಕಾಯಬೇಕಾಗಿದೆ ಎಂದು ಹೇಳಿದರು.
